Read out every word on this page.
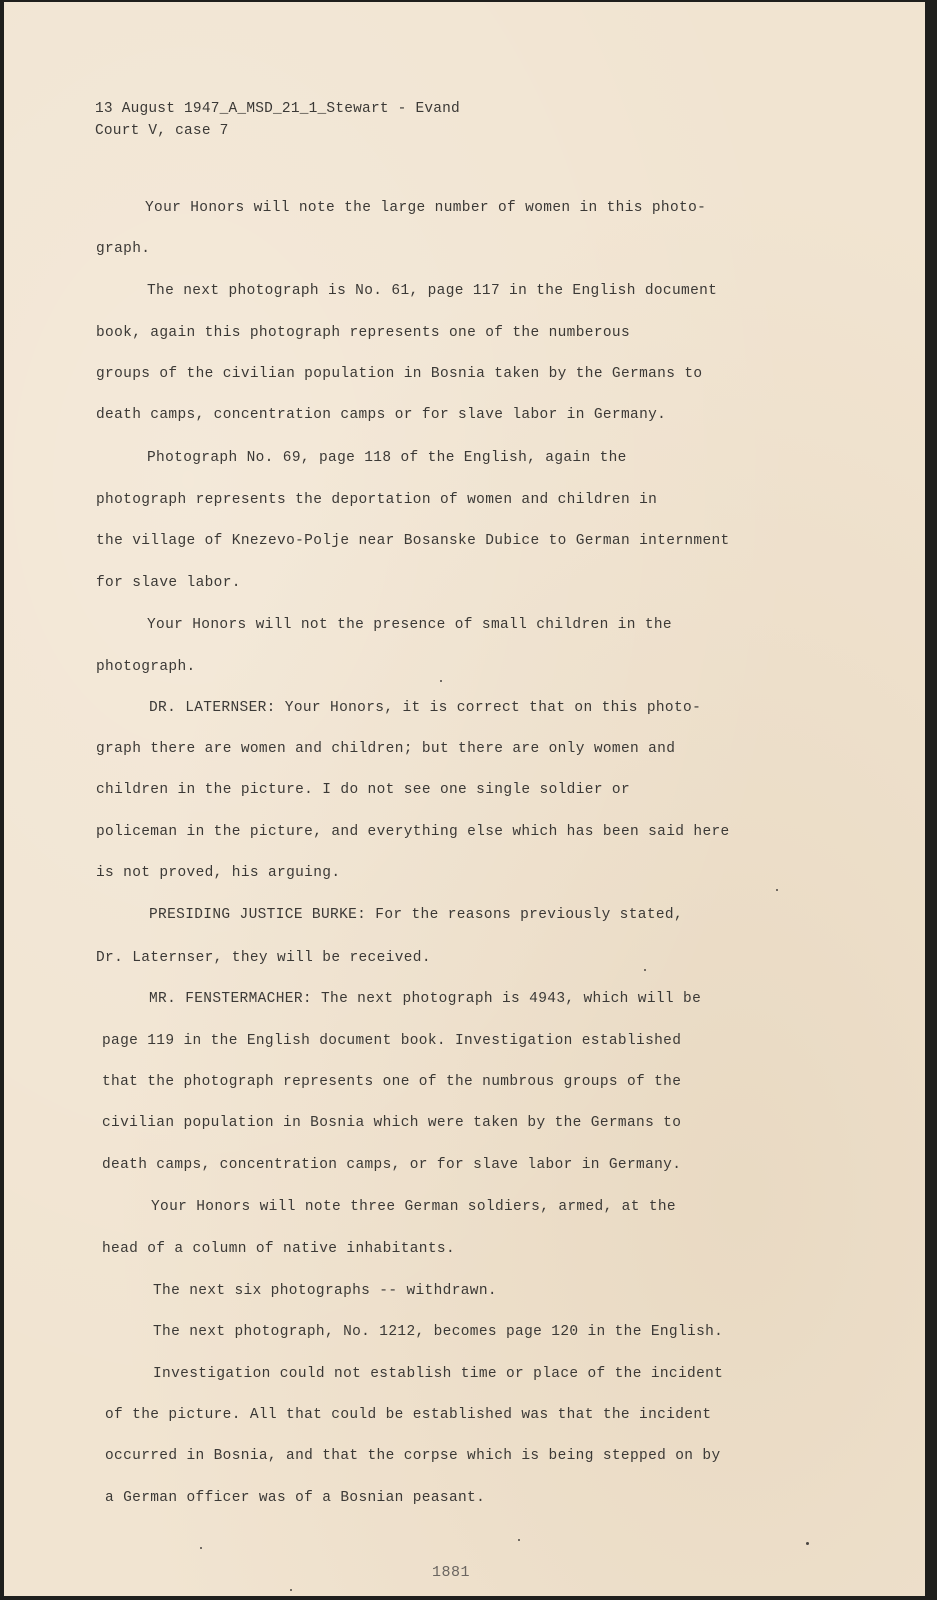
13 August 1947_A_MSD_21_1_Stewart - Evand
Court V, case 7
Your Honors will note the large number of women in this photo-
graph.
The next photograph is No. 61, page 117 in the English document
book, again this photograph represents one of the numberous
groups of the civilian population in Bosnia taken by the Germans to
death camps, concentration camps or for slave labor in Germany.
Photograph No. 69, page 118 of the English, again the
photograph represents the deportation of women and children in
the village of Knezevo-Polje near Bosanske Dubice to German internment
for slave labor.
Your Honors will not the presence of small children in the
photograph.
DR. LATERNSER: Your Honors, it is correct that on this photo-
graph there are women and children; but there are only women and
children in the picture. I do not see one single soldier or
policeman in the picture, and everything else which has been said here
is not proved, his arguing.
PRESIDING JUSTICE BURKE: For the reasons previously stated,
Dr. Laternser, they will be received.
MR. FENSTERMACHER: The next photograph is 4943, which will be
page 119 in the English document book. Investigation established
that the photograph represents one of the numbrous groups of the
civilian population in Bosnia which were taken by the Germans to
death camps, concentration camps, or for slave labor in Germany.
Your Honors will note three German soldiers, armed, at the
head of a column of native inhabitants.
The next six photographs -- withdrawn.
The next photograph, No. 1212, becomes page 120 in the English.
Investigation could not establish time or place of the incident
of the picture. All that could be established was that the incident
occurred in Bosnia, and that the corpse which is being stepped on by
a German officer was of a Bosnian peasant.
1881
